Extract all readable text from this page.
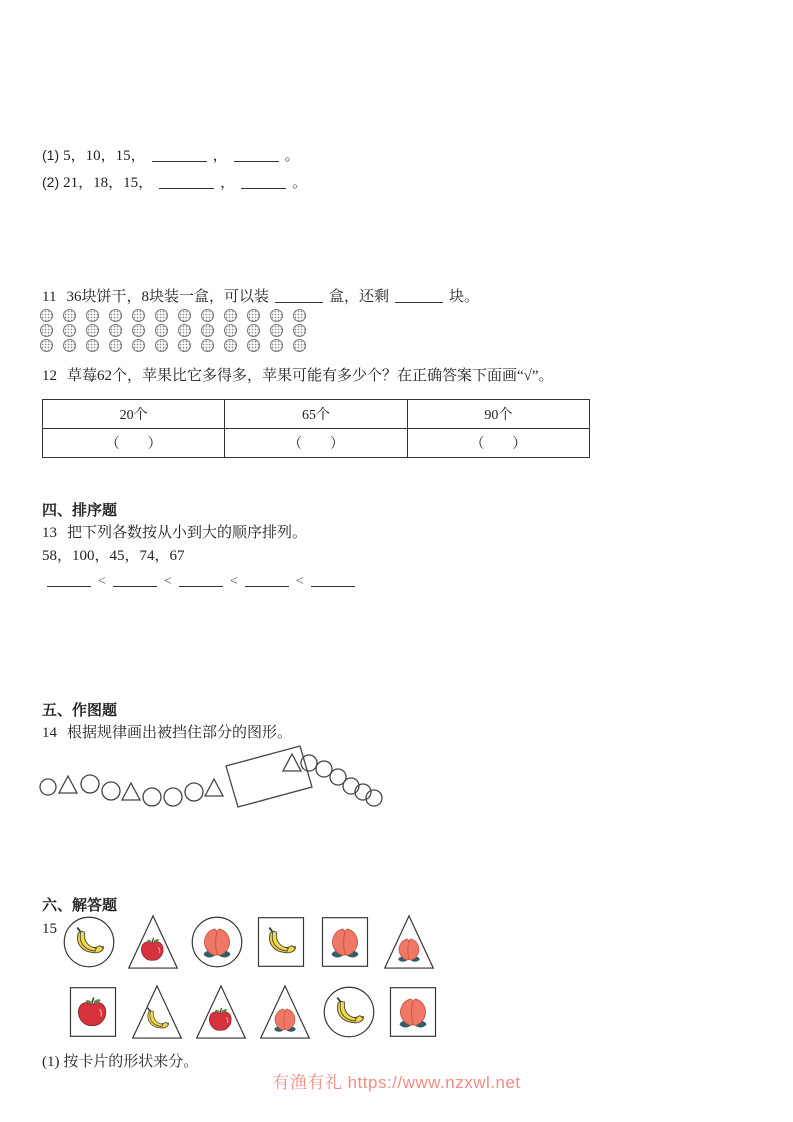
(1) 5，10，15，	，	。
(2) 21，18，15，	，	。
11 36块饼干，8块装一盒，可以装	盒，还剩	块。
12 草莓62个，苹果比它多得多，苹果可能有多少个？在正确答案下面画“√”。
20个	65个	90个
（　　）	（　　）	（　　）
四、排序题
13 把下列各数按从小到大的顺序排列。
58，100，45，74，67
<	<	<	<
五、作图题
14 根据规律画出被挡住部分的图形。
六、解答题
15
(1) 按卡片的形状来分。
有渔有礼 https://www.nzxwl.net
